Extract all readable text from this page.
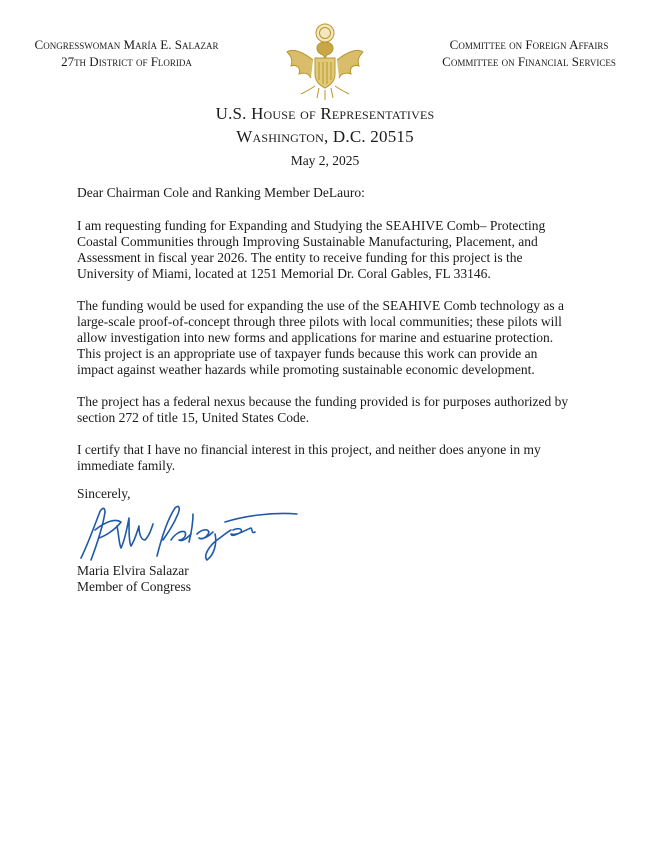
Congresswoman María E. Salazar
27th District of Florida
Committee on Foreign Affairs
Committee on Financial Services
U.S. House of Representatives
Washington, D.C. 20515
May 2, 2025

Dear Chairman Cole and Ranking Member DeLauro:

I am requesting funding for Expanding and Studying the SEAHIVE Comb– Protecting Coastal Communities through Improving Sustainable Manufacturing, Placement, and Assessment in fiscal year 2026. The entity to receive funding for this project is the University of Miami, located at 1251 Memorial Dr. Coral Gables, FL 33146.

The funding would be used for expanding the use of the SEAHIVE Comb technology as a large-scale proof-of-concept through three pilots with local communities; these pilots will allow investigation into new forms and applications for marine and estuarine protection. This project is an appropriate use of taxpayer funds because this work can provide an impact against weather hazards while promoting sustainable economic development.

The project has a federal nexus because the funding provided is for purposes authorized by section 272 of title 15, United States Code.

I certify that I have no financial interest in this project, and neither does anyone in my immediate family.

Sincerely,
Maria Elvira Salazar
Member of Congress
